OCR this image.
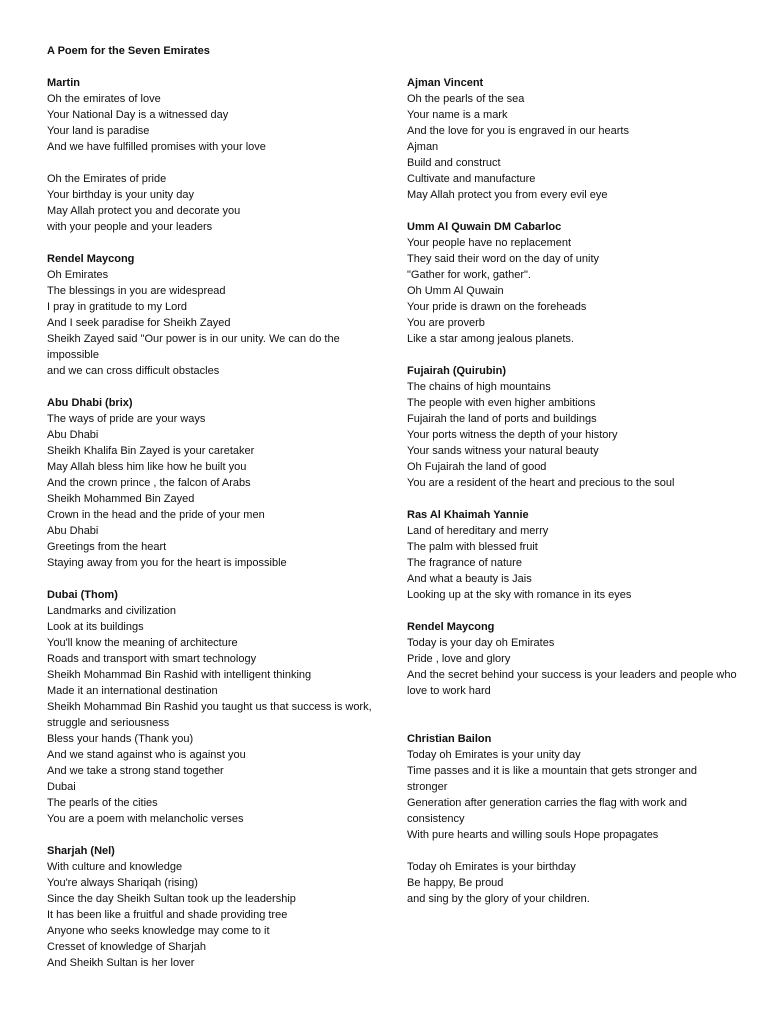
A Poem for the Seven Emirates
Martin
Oh the emirates of love
Your National Day is a witnessed day
Your land is paradise
And we have fulfilled promises with your love
Oh the Emirates of pride
Your birthday is your unity day
May Allah protect you and decorate you
with your people and your leaders
Rendel Maycong
Oh Emirates
The blessings in you are widespread
I pray in gratitude to my Lord
And I seek paradise for Sheikh Zayed
Sheikh Zayed said "Our power is in our unity. We can do the impossible
and we can cross difficult obstacles
Abu Dhabi (brix)
The ways of pride are your ways
Abu Dhabi
Sheikh Khalifa Bin Zayed is your caretaker
May Allah bless him like how he built you
And the crown prince , the falcon of Arabs
Sheikh Mohammed Bin Zayed
Crown in the head and the pride of your men
Abu Dhabi
Greetings from the heart
Staying away from you for the heart is impossible
Dubai (Thom)
Landmarks and civilization
Look at its buildings
You'll know the meaning of architecture
Roads and transport with smart technology
Sheikh Mohammad Bin Rashid with intelligent thinking
Made it an international destination
Sheikh Mohammad Bin Rashid you taught us that success is work, struggle and seriousness
Bless your hands (Thank you)
And we stand against who is against you
And we take a strong stand together
Dubai
The pearls of the cities
You are a poem with melancholic verses
Sharjah (Nel)
With culture and knowledge
You're always Shariqah (rising)
Since the day Sheikh Sultan took up the leadership
It has been like a fruitful and shade providing tree
Anyone who seeks knowledge may come to it
Cresset of knowledge of Sharjah
And Sheikh Sultan is her lover
Ajman Vincent
Oh the pearls of the sea
Your name is a mark
And the love for you is engraved in our hearts
Ajman
Build and construct
Cultivate and manufacture
May Allah protect you from every evil eye
Umm Al Quwain DM Cabarloc
Your people have no replacement
They said their word on the day of unity
"Gather for work, gather".
Oh Umm Al Quwain
Your pride is drawn on the foreheads
You are proverb
Like a star among jealous planets.
Fujairah (Quirubin)
The chains of high mountains
The people with even higher ambitions
Fujairah the land of ports and buildings
Your ports witness the depth of your history
Your sands witness your natural beauty
Oh Fujairah the land of good
You are a resident of the heart and precious to the soul
Ras Al Khaimah Yannie
Land of hereditary and merry
The palm with blessed fruit
The fragrance of nature
And what a beauty is Jais
Looking up at the sky with romance in its eyes
Rendel Maycong
Today is your day oh Emirates
Pride , love and glory
And the secret behind your success is your leaders and people who love to work hard
Christian Bailon
Today oh Emirates is your unity day
Time passes and it is like a mountain that gets stronger and stronger
Generation after generation carries the flag with work and consistency
With pure hearts and willing souls Hope propagates
Today oh Emirates is your birthday
Be happy, Be proud
and sing by the glory of your children.
